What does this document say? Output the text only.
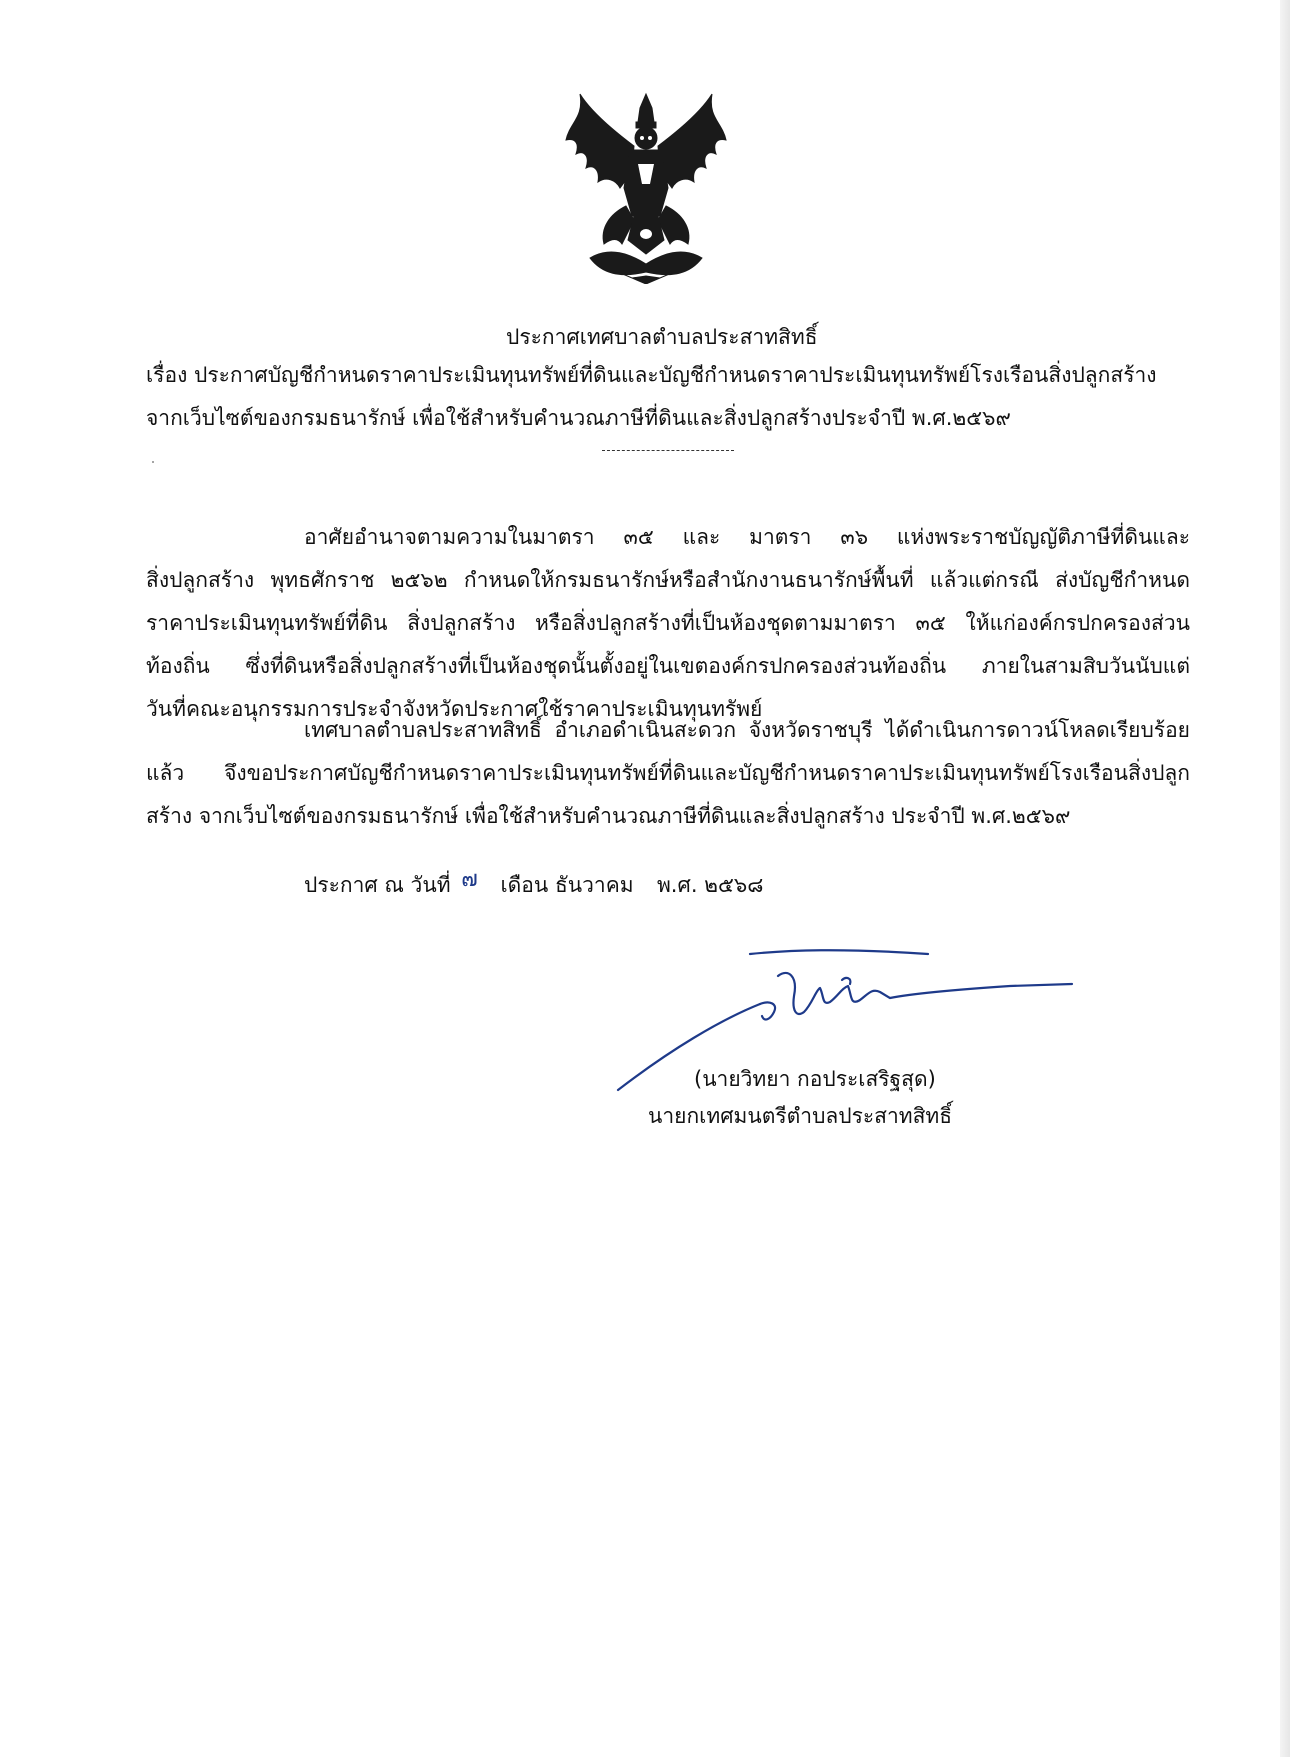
ประกาศเทศบาลตำบลประสาทสิทธิ์
เรื่อง ประกาศบัญชีกำหนดราคาประเมินทุนทรัพย์ที่ดินและบัญชีกำหนดราคาประเมินทุนทรัพย์โรงเรือนสิ่งปลูกสร้าง
จากเว็บไซต์ของกรมธนารักษ์ เพื่อใช้สำหรับคำนวณภาษีที่ดินและสิ่งปลูกสร้างประจำปี พ.ศ.๒๕๖๙
อาศัยอำนาจตามความในมาตรา ๓๕ และ มาตรา ๓๖ แห่งพระราชบัญญัติภาษีที่ดินและ
สิ่งปลูกสร้าง พุทธศักราช ๒๕๖๒ กำหนดให้กรมธนารักษ์หรือสำนักงานธนารักษ์พื้นที่ แล้วแต่กรณี ส่งบัญชีกำหนด
ราคาประเมินทุนทรัพย์ที่ดิน สิ่งปลูกสร้าง หรือสิ่งปลูกสร้างที่เป็นห้องชุดตามมาตรา ๓๕ ให้แก่องค์กรปกครองส่วน
ท้องถิ่น ซึ่งที่ดินหรือสิ่งปลูกสร้างที่เป็นห้องชุดนั้นตั้งอยู่ในเขตองค์กรปกครองส่วนท้องถิ่น ภายในสามสิบวันนับแต่
วันที่คณะอนุกรรมการประจำจังหวัดประกาศใช้ราคาประเมินทุนทรัพย์
เทศบาลตำบลประสาทสิทธิ์ อำเภอดำเนินสะดวก จังหวัดราชบุรี ได้ดำเนินการดาวน์โหลดเรียบร้อย
แล้ว จึงขอประกาศบัญชีกำหนดราคาประเมินทุนทรัพย์ที่ดินและบัญชีกำหนดราคาประเมินทุนทรัพย์โรงเรือนสิ่งปลูก
สร้าง จากเว็บไซต์ของกรมธนารักษ์ เพื่อใช้สำหรับคำนวณภาษีที่ดินและสิ่งปลูกสร้าง ประจำปี พ.ศ.๒๕๖๙
ประกาศ ณ วันที่ ๗ เดือน ธันวาคม พ.ศ. ๒๕๖๘
(นายวิทยา กอประเสริฐสุด)
นายกเทศมนตรีตำบลประสาทสิทธิ์
